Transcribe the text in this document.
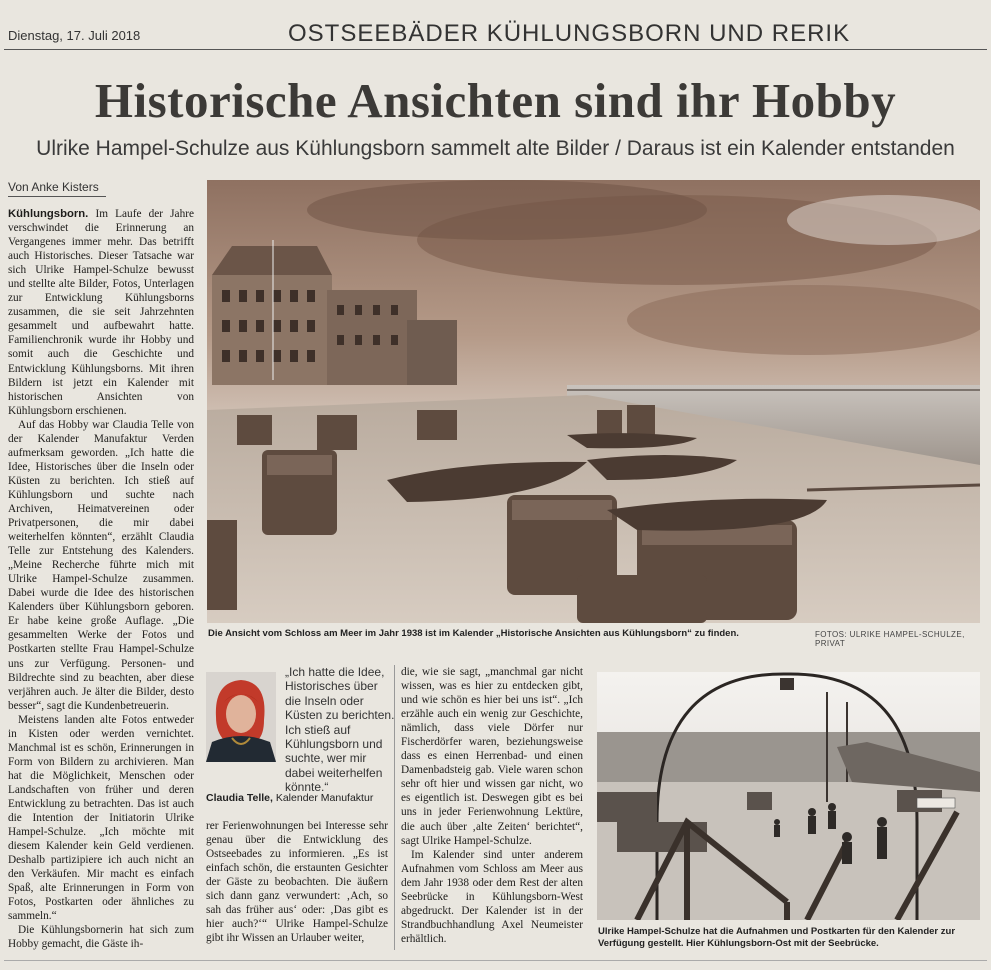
Dienstag, 17. Juli 2018	OSTSEEBÄDER KÜHLUNGSBORN UND RERIK
Historische Ansichten sind ihr Hobby
Ulrike Hampel-Schulze aus Kühlungsborn sammelt alte Bilder / Daraus ist ein Kalender entstanden
Von Anke Kisters

Kühlungsborn. Im Laufe der Jahre verschwindet die Erinnerung an Vergangenes immer mehr. Das betrifft auch Historisches. Dieser Tatsache war sich Ulrike Hampel-Schulze bewusst und stellte alte Bilder, Fotos, Unterlagen zur Entwicklung Kühlungsborns zusammen, die sie seit Jahrzehnten gesammelt und aufbewahrt hatte. Familienchronik wurde ihr Hobby und somit auch die Geschichte und Entwicklung Kühlungsborns. Mit ihren Bildern ist jetzt ein Kalender mit historischen Ansichten von Kühlungsborn erschienen.

Auf das Hobby war Claudia Telle von der Kalender Manufaktur Verden aufmerksam geworden. „Ich hatte die Idee, Historisches über die Inseln oder Küsten zu berichten. Ich stieß auf Kühlungsborn und suchte nach Archiven, Heimatvereinen oder Privatpersonen, die mir dabei weiterhelfen könnten“, erzählt Claudia Telle zur Entstehung des Kalenders. „Meine Recherche führte mich mit Ulrike Hampel-Schulze zusammen. Dabei wurde die Idee des historischen Kalenders über Kühlungsborn geboren. Er habe keine große Auflage. „Die gesammelten Werke der Fotos und Postkarten stellte Frau Hampel-Schulze uns zur Verfügung. Personen- und Bildrechte sind zu beachten, aber diese verjähren auch. Je älter die Bilder, desto besser“, sagt die Kundenbetreuerin.

Meistens landen alte Fotos entweder in Kisten oder werden vernichtet. Manchmal ist es schön, Erinnerungen in Form von Bildern zu archivieren. Man hat die Möglichkeit, Menschen oder Landschaften von früher und deren Entwicklung zu betrachten. Das ist auch die Intention der Initiatorin Ulrike Hampel-Schulze. „Ich möchte mit diesem Kalender kein Geld verdienen. Deshalb partizipiere ich auch nicht an den Verkäufen. Mir macht es einfach Spaß, alte Erinnerungen in Form von Fotos, Postkarten oder ähnliches zu sammeln.“

Die Kühlungsbornerin hat sich zum Hobby gemacht, die Gäste ih-

Die Ansicht vom Schloss am Meer im Jahr 1938 ist im Kalender „Historische Ansichten aus Kühlungsborn“ zu finden.	FOTOS: ULRIKE HAMPEL-SCHULZE, PRIVAT
„Ich hatte die Idee, Historisches über die Inseln oder Küsten zu berichten. Ich stieß auf Kühlungsborn und suchte, wer mir dabei weiterhelfen könnte.“
Claudia Telle, Kalender Manufaktur

rer Ferienwohnungen bei Interesse sehr genau über die Entwicklung des Ostseebades zu informieren. „Es ist einfach schön, die erstaunten Gesichter der Gäste zu beobachten. Die äußern sich dann ganz verwundert: ‚Ach, so sah das früher aus‘ oder: ‚Das gibt es hier auch?‘“ Ulrike Hampel-Schulze gibt ihr Wissen an Urlauber weiter,

die, wie sie sagt, „manchmal gar nicht wissen, was es hier zu entdecken gibt, und wie schön es hier bei uns ist“. „Ich erzähle auch ein wenig zur Geschichte, nämlich, dass viele Dörfer nur Fischerdörfer waren, beziehungsweise dass es einen Herrenbad- und einen Damenbadsteig gab. Viele waren schon sehr oft hier und wissen gar nicht, wo es eigentlich ist. Deswegen gibt es bei uns in jeder Ferienwohnung Lektüre, die auch über ‚alte Zeiten‘ berichtet“, sagt Ulrike Hampel-Schulze.

Im Kalender sind unter anderem Aufnahmen vom Schloss am Meer aus dem Jahr 1938 oder dem Rest der alten Seebrücke in Kühlungsborn-West abgedruckt. Der Kalender ist in der Strandbuchhandlung Axel Neumeister erhältlich.

Ulrike Hampel-Schulze hat die Aufnahmen und Postkarten für den Kalender zur Verfügung gestellt. Hier Kühlungsborn-Ost mit der Seebrücke.
